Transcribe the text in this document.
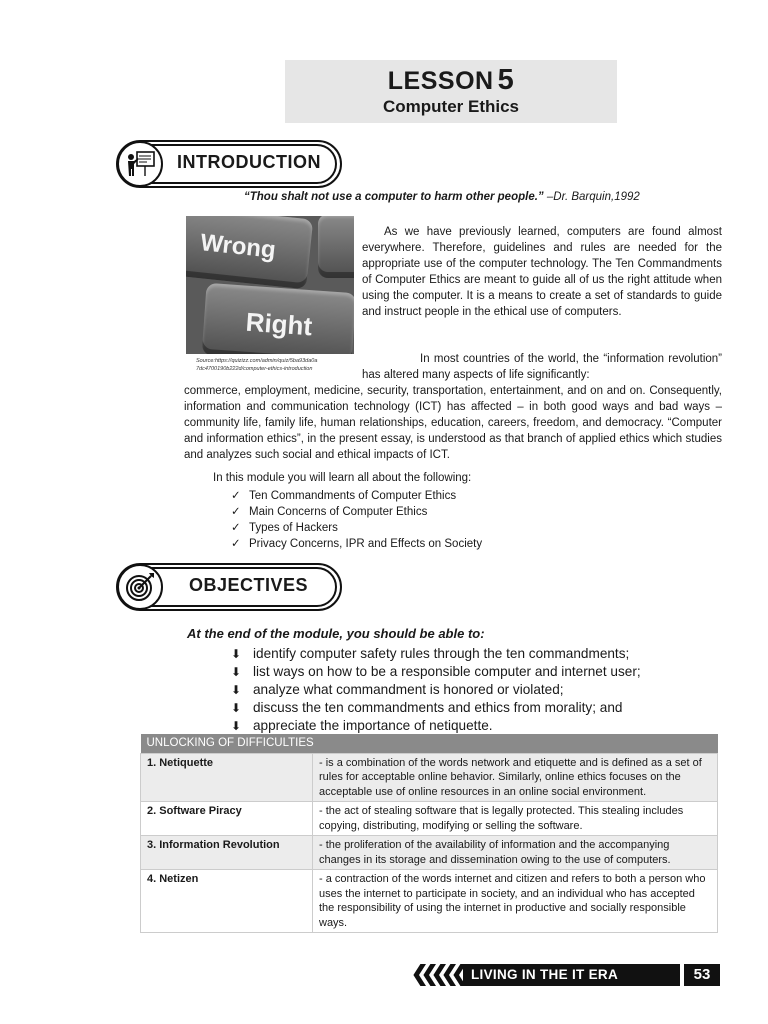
LESSON 5
Computer Ethics
INTRODUCTION
“Thou shalt not use a computer to harm other people.” –Dr. Barquin,1992
Wrong
Right
Source:https://quizizz.com/admin/quiz/5ba93da0a
7dc4700190b222d/computer-ethics-introduction
As we have previously learned, computers are found almost everywhere. Therefore, guidelines and rules are needed for the appropriate use of the computer technology. The Ten Commandments of Computer Ethics are meant to guide all of us the right attitude when using the computer. It is a means to create a set of standards to guide and instruct people in the ethical use of computers.
In most countries of the world, the “information revolution” has altered many aspects of life significantly:
commerce, employment, medicine, security, transportation, entertainment, and on and on. Consequently, information and communication technology (ICT) has affected – in both good ways and bad ways – community life, family life, human relationships, education, careers, freedom, and democracy. “Computer and information ethics”, in the present essay, is understood as that branch of applied ethics which studies and analyzes such social and ethical impacts of ICT.
In this module you will learn all about the following:
✓ Ten Commandments of Computer Ethics
✓ Main Concerns of Computer Ethics
✓ Types of Hackers
✓ Privacy Concerns, IPR and Effects on Society
OBJECTIVES
At the end of the module, you should be able to:
⬇ identify computer safety rules through the ten commandments;
⬇ list ways on how to be a responsible computer and internet user;
⬇ analyze what commandment is honored or violated;
⬇ discuss the ten commandments and ethics from morality; and
⬇ appreciate the importance of netiquette.
UNLOCKING OF DIFFICULTIES	
1. Netiquette	- is a combination of the words network and etiquette and is defined as a set of rules for acceptable online behavior. Similarly, online ethics focuses on the acceptable use of online resources in an online social environment.
2. Software Piracy	- the act of stealing software that is legally protected. This stealing includes copying, distributing, modifying or selling the software.
3. Information Revolution	- the proliferation of the availability of information and the accompanying changes in its storage and dissemination owing to the use of computers.
4. Netizen	- a contraction of the words internet and citizen and refers to both a person who uses the internet to participate in society, and an individual who has accepted the responsibility of using the internet in productive and socially responsible ways.
LIVING IN THE IT ERA	53
